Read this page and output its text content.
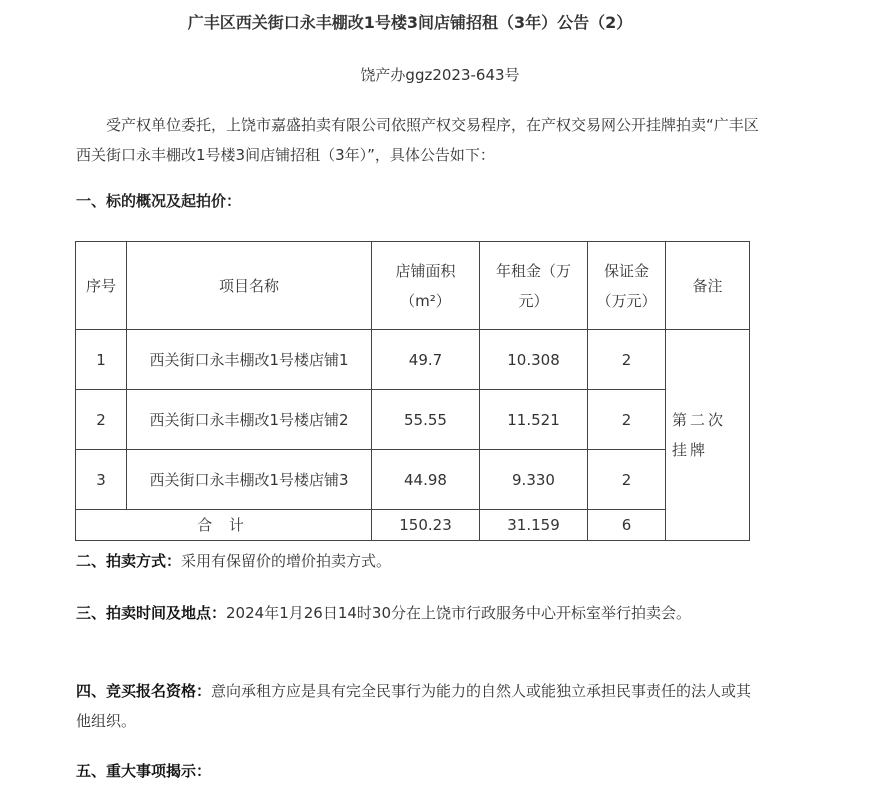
广丰区西关街口永丰棚改1号楼3间店铺招租（3年）公告（2）
饶产办ggz2023-643号
受产权单位委托，上饶市嘉盛拍卖有限公司依照产权交易程序，在产权交易网公开挂牌拍卖“广丰区西关街口永丰棚改1号楼3间店铺招租（3年）”，具体公告如下：
一、标的概况及起拍价：
序号	项目名称	店铺面积（m²）	年租金（万元）	保证金（万元）	备注
1	西关街口永丰棚改1号楼店铺1	49.7	10.308	2	第二次挂牌
2	西关街口永丰棚改1号楼店铺2	55.55	11.521	2	
3	西关街口永丰棚改1号楼店铺3	44.98	9.330	2	
合 计		150.23	31.159	6	
二、拍卖方式：采用有保留价的增价拍卖方式。
三、拍卖时间及地点：2024年1月26日14时30分在上饶市行政服务中心开标室举行拍卖会。
四、竞买报名资格：意向承租方应是具有完全民事行为能力的自然人或能独立承担民事责任的法人或其他组织。
五、重大事项揭示：
